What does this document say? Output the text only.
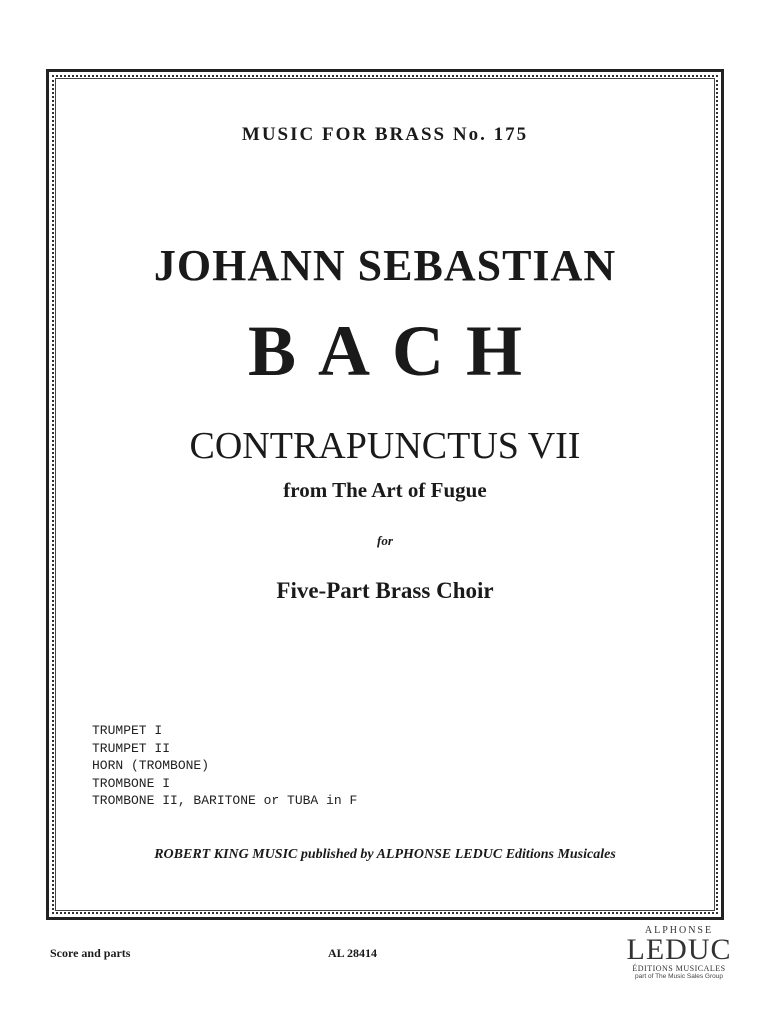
MUSIC FOR BRASS No. 175
JOHANN SEBASTIAN
BACH
CONTRAPUNCTUS VII
from The Art of Fugue
for
Five-Part Brass Choir
TRUMPET I
TRUMPET II
HORN (TROMBONE)
TROMBONE I
TROMBONE II, BARITONE or TUBA in F
ROBERT KING MUSIC published by ALPHONSE LEDUC Editions Musicales
Score and parts	AL 28414
ALPHONSE
LEDUC
ÉDITIONS MUSICALES
part of The Music Sales Group
